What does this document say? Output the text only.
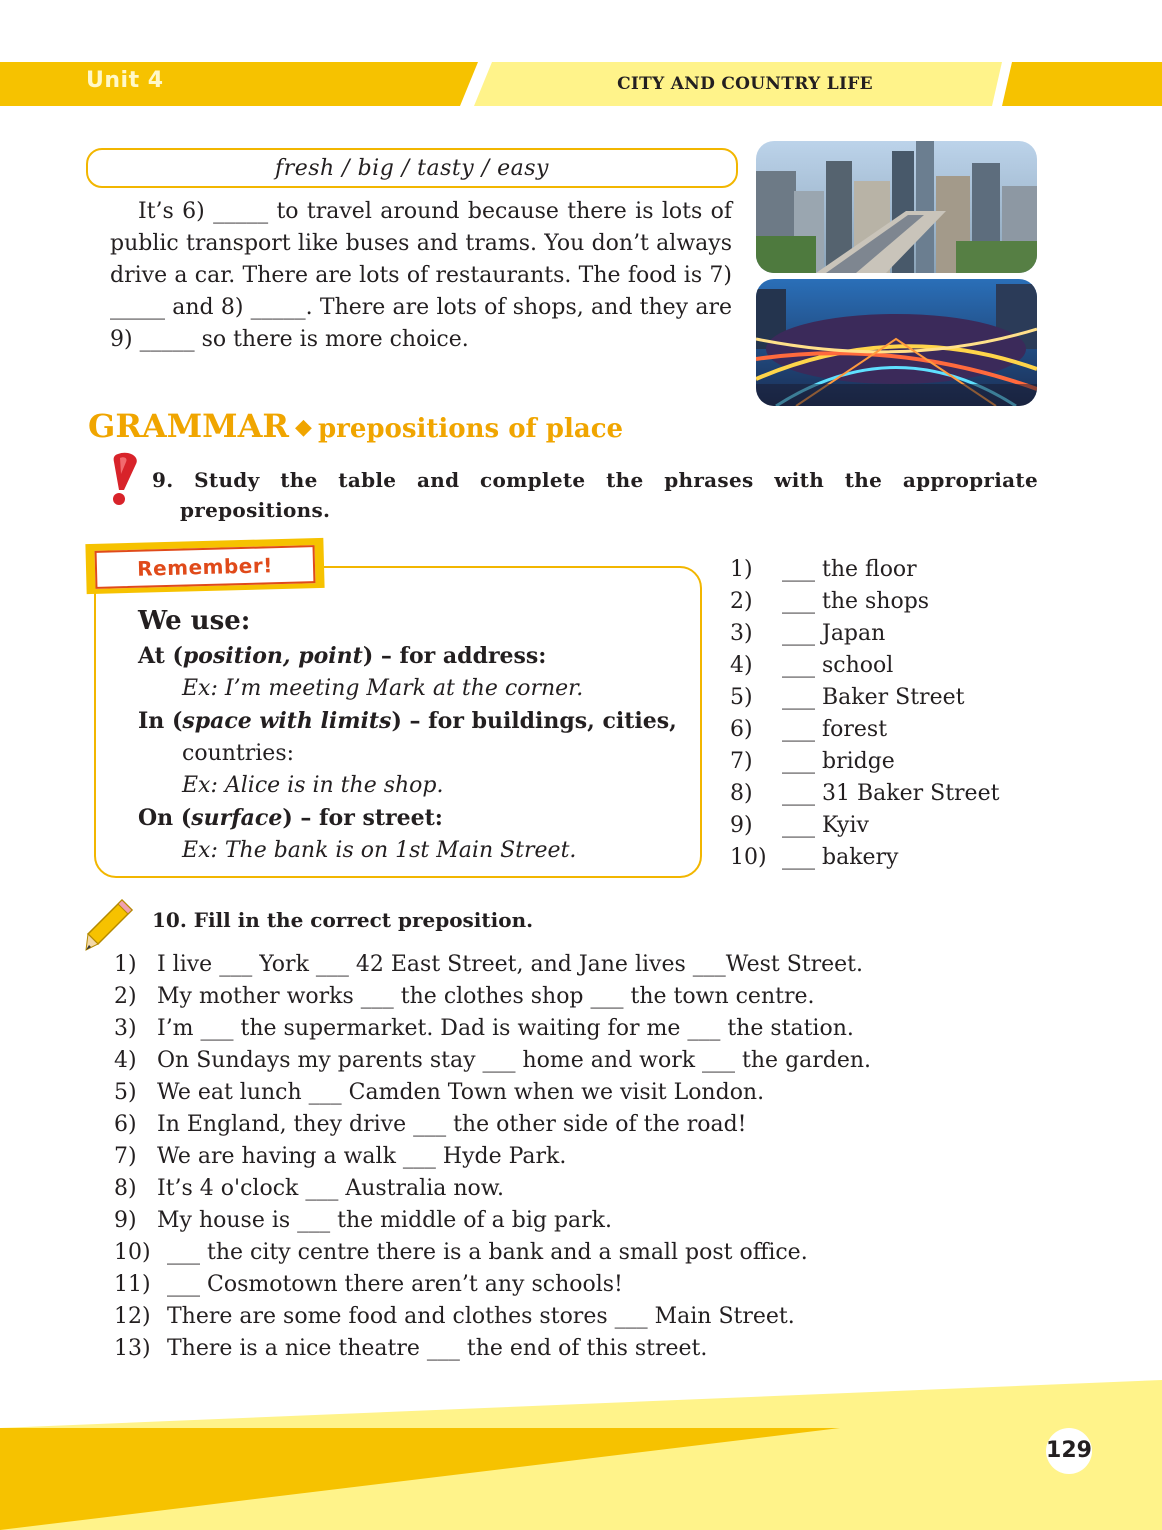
Unit 4	CITY AND COUNTRY LIFE
fresh / big / tasty / easy

It’s 6) _____ to travel around because there is lots of public transport like buses and trams. You don’t always drive a car. There are lots of restaurants. The food is 7) _____ and 8) _____. There are lots of shops, and they are 9) _____ so there is more choice.

GRAMMAR ◆ prepositions of place
9. Study the table and complete the phrases with the appropriate
prepositions.
Remember!
We use:
At (position, point) – for address:
Ex: I’m meeting Mark at the corner.
In (space with limits) – for buildings, cities,
countries:
Ex: Alice is in the shop.
On (surface) – for street:
Ex: The bank is on 1st Main Street.
1)	___ the floor
2)	___ the shops
3)	___ Japan
4)	___ school
5)	___ Baker Street
6)	___ forest
7)	___ bridge
8)	___ 31 Baker Street
9)	___ Kyiv
10) ___ bakery
10. Fill in the correct preposition.
1) I live ___ York ___ 42 East Street, and Jane lives ___West Street.
2) My mother works ___ the clothes shop ___ the town centre.
3) I’m ___ the supermarket. Dad is waiting for me ___ the station.
4) On Sundays my parents stay ___ home and work ___ the garden.
5) We eat lunch ___ Camden Town when we visit London.
6) In England, they drive ___ the other side of the road!
7) We are having a walk ___ Hyde Park.
8) It’s 4 o'clock ___ Australia now.
9) My house is ___ the middle of a big park.
10) ___ the city centre there is a bank and a small post office.
11) ___ Cosmotown there aren’t any schools!
12) There are some food and clothes stores ___ Main Street.
13) There is a nice theatre ___ the end of this street.
129
